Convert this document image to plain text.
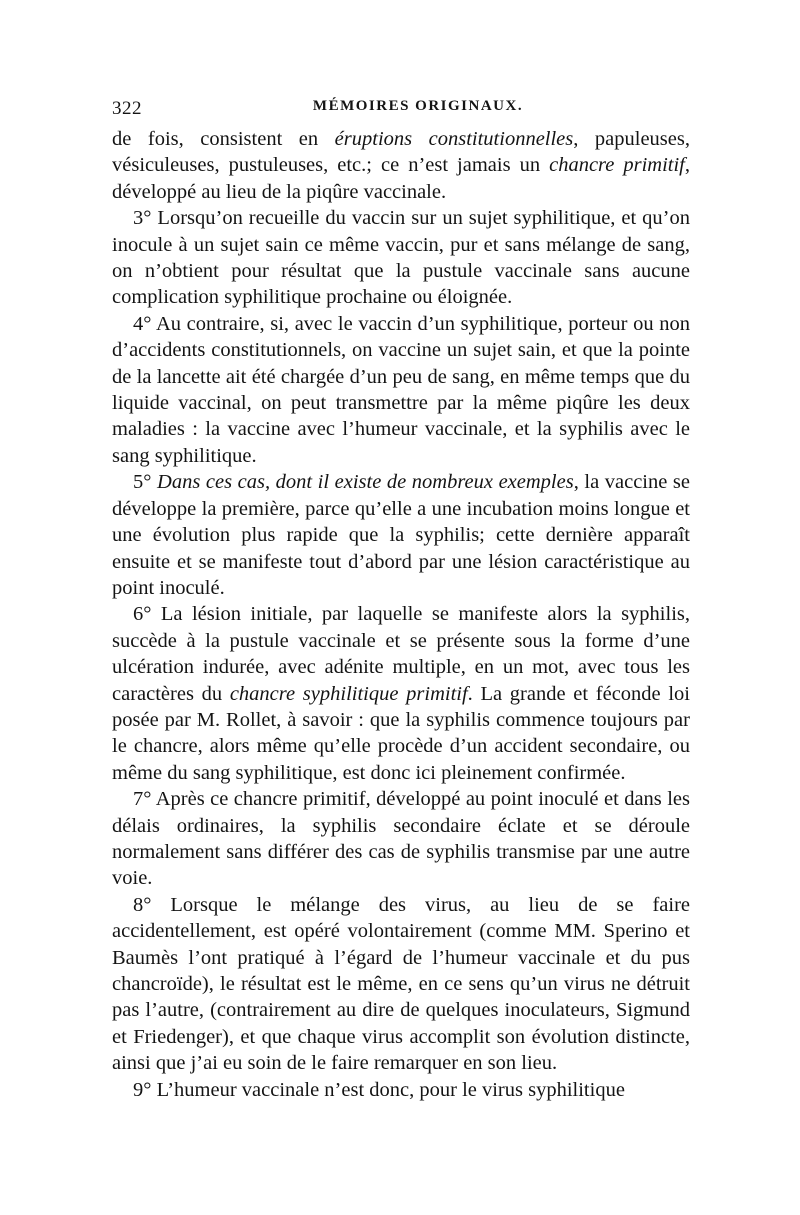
322	MÉMOIRES ORIGINAUX.

de fois, consistent en éruptions constitutionnelles, papuleuses, vésiculeuses, pustuleuses, etc.; ce n’est jamais un chancre primitif, développé au lieu de la piqûre vaccinale.

3° Lorsqu’on recueille du vaccin sur un sujet syphilitique, et qu’on inocule à un sujet sain ce même vaccin, pur et sans mélange de sang, on n’obtient pour résultat que la pustule vaccinale sans aucune complication syphilitique prochaine ou éloignée.

4° Au contraire, si, avec le vaccin d’un syphilitique, porteur ou non d’accidents constitutionnels, on vaccine un sujet sain, et que la pointe de la lancette ait été chargée d’un peu de sang, en même temps que du liquide vaccinal, on peut transmettre par la même piqûre les deux maladies : la vaccine avec l’humeur vaccinale, et la syphilis avec le sang syphilitique.

5° Dans ces cas, dont il existe de nombreux exemples, la vaccine se développe la première, parce qu’elle a une incubation moins longue et une évolution plus rapide que la syphilis; cette dernière apparaît ensuite et se manifeste tout d’abord par une lésion caractéristique au point inoculé.

6° La lésion initiale, par laquelle se manifeste alors la syphilis, succède à la pustule vaccinale et se présente sous la forme d’une ulcération indurée, avec adénite multiple, en un mot, avec tous les caractères du chancre syphilitique primitif. La grande et féconde loi posée par M. Rollet, à savoir : que la syphilis commence toujours par le chancre, alors même qu’elle procède d’un accident secondaire, ou même du sang syphilitique, est donc ici pleinement confirmée.

7° Après ce chancre primitif, développé au point inoculé et dans les délais ordinaires, la syphilis secondaire éclate et se déroule normalement sans différer des cas de syphilis transmise par une autre voie.

8° Lorsque le mélange des virus, au lieu de se faire accidentellement, est opéré volontairement (comme MM. Sperino et Baumès l’ont pratiqué à l’égard de l’humeur vaccinale et du pus chancroïde), le résultat est le même, en ce sens qu’un virus ne détruit pas l’autre, (contrairement au dire de quelques inoculateurs, Sigmund et Friedenger), et que chaque virus accomplit son évolution distincte, ainsi que j’ai eu soin de le faire remarquer en son lieu.

9° L’humeur vaccinale n’est donc, pour le virus syphilitique
